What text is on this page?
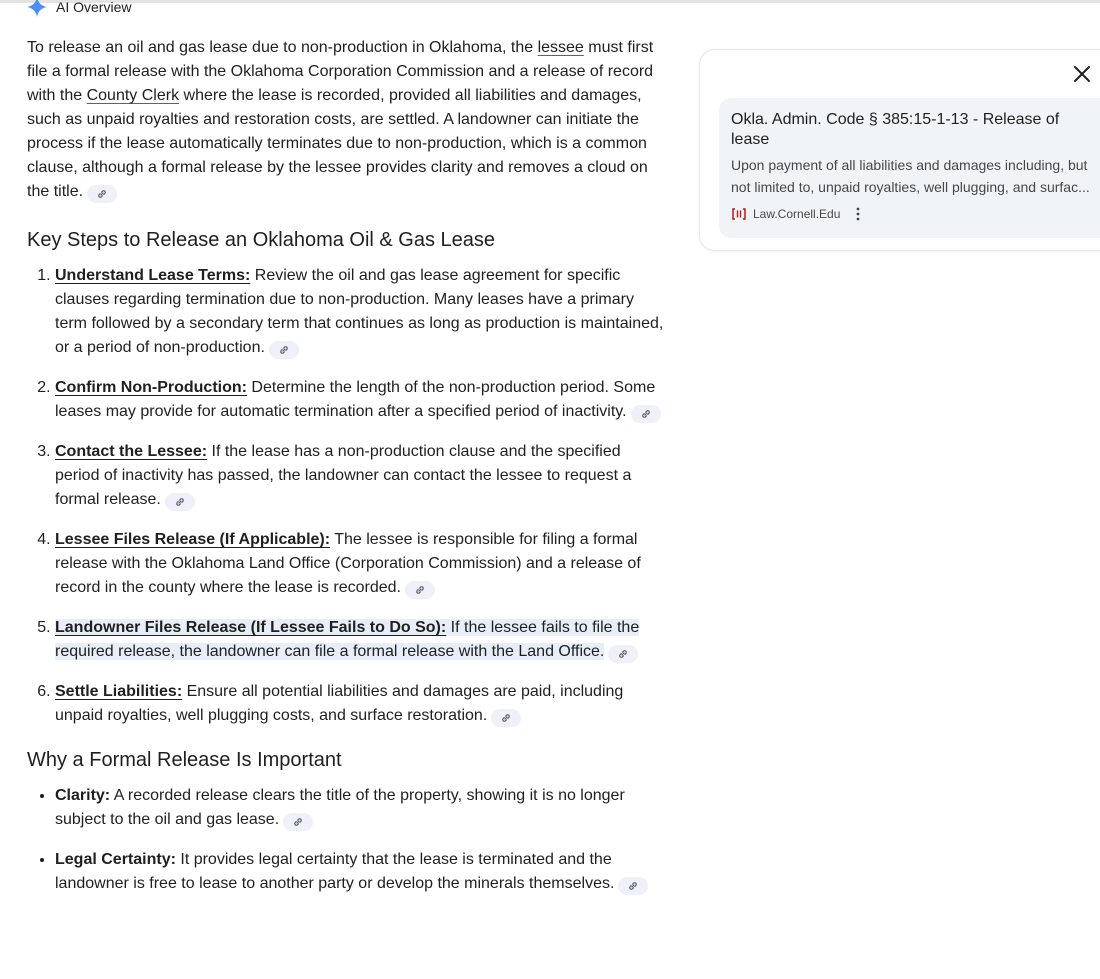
AI Overview

To release an oil and gas lease due to non-production in Oklahoma, the lessee must first file a formal release with the Oklahoma Corporation Commission and a release of record with the County Clerk where the lease is recorded, provided all liabilities and damages, such as unpaid royalties and restoration costs, are settled. A landowner can initiate the process if the lease automatically terminates due to non-production, which is a common clause, although a formal release by the lessee provides clarity and removes a cloud on the title.

Key Steps to Release an Oklahoma Oil & Gas Lease
1. Understand Lease Terms: Review the oil and gas lease agreement for specific clauses regarding termination due to non-production. Many leases have a primary term followed by a secondary term that continues as long as production is maintained, or a period of non-production.
2. Confirm Non-Production: Determine the length of the non-production period. Some leases may provide for automatic termination after a specified period of inactivity.
3. Contact the Lessee: If the lease has a non-production clause and the specified period of inactivity has passed, the landowner can contact the lessee to request a formal release.
4. Lessee Files Release (If Applicable): The lessee is responsible for filing a formal release with the Oklahoma Land Office (Corporation Commission) and a release of record in the county where the lease is recorded.
5. Landowner Files Release (If Lessee Fails to Do So): If the lessee fails to file the required release, the landowner can file a formal release with the Land Office.
6. Settle Liabilities: Ensure all potential liabilities and damages are paid, including unpaid royalties, well plugging costs, and surface restoration.
Why a Formal Release Is Important
• Clarity: A recorded release clears the title of the property, showing it is no longer subject to the oil and gas lease.
• Legal Certainty: It provides legal certainty that the lease is terminated and the landowner is free to lease to another party or develop the minerals themselves.
Okla. Admin. Code § 385:15-1-13 - Release of lease
Upon payment of all liabilities and damages including, but
not limited to, unpaid royalties, well plugging, and surfac...
Law.Cornell.Edu
